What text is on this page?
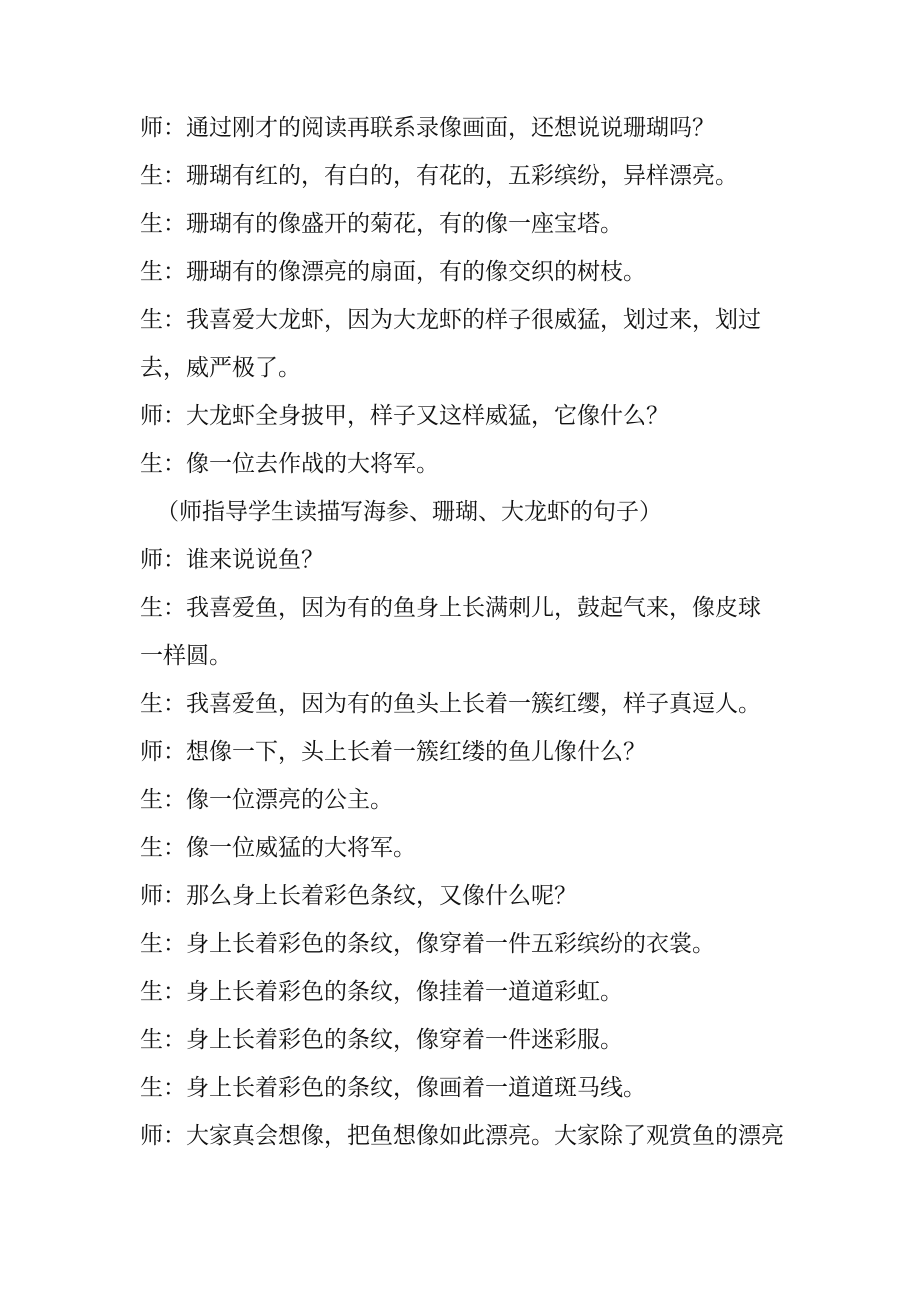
师：通过刚才的阅读再联系录像画面，还想说说珊瑚吗？
生：珊瑚有红的，有白的，有花的，五彩缤纷，异样漂亮。
生：珊瑚有的像盛开的菊花，有的像一座宝塔。
生：珊瑚有的像漂亮的扇面，有的像交织的树枝。
生：我喜爱大龙虾，因为大龙虾的样子很威猛，划过来，划过
去，威严极了。
师：大龙虾全身披甲，样子又这样威猛，它像什么？
生：像一位去作战的大将军。
（师指导学生读描写海参、珊瑚、大龙虾的句子）
师：谁来说说鱼？
生：我喜爱鱼，因为有的鱼身上长满刺儿，鼓起气来，像皮球
一样圆。
生：我喜爱鱼，因为有的鱼头上长着一簇红缨，样子真逗人。
师：想像一下，头上长着一簇红缕的鱼儿像什么？
生：像一位漂亮的公主。
生：像一位威猛的大将军。
师：那么身上长着彩色条纹，又像什么呢？
生：身上长着彩色的条纹，像穿着一件五彩缤纷的衣裳。
生：身上长着彩色的条纹，像挂着一道道彩虹。
生：身上长着彩色的条纹，像穿着一件迷彩服。
生：身上长着彩色的条纹，像画着一道道斑马线。
师：大家真会想像，把鱼想像如此漂亮。大家除了观赏鱼的漂亮
